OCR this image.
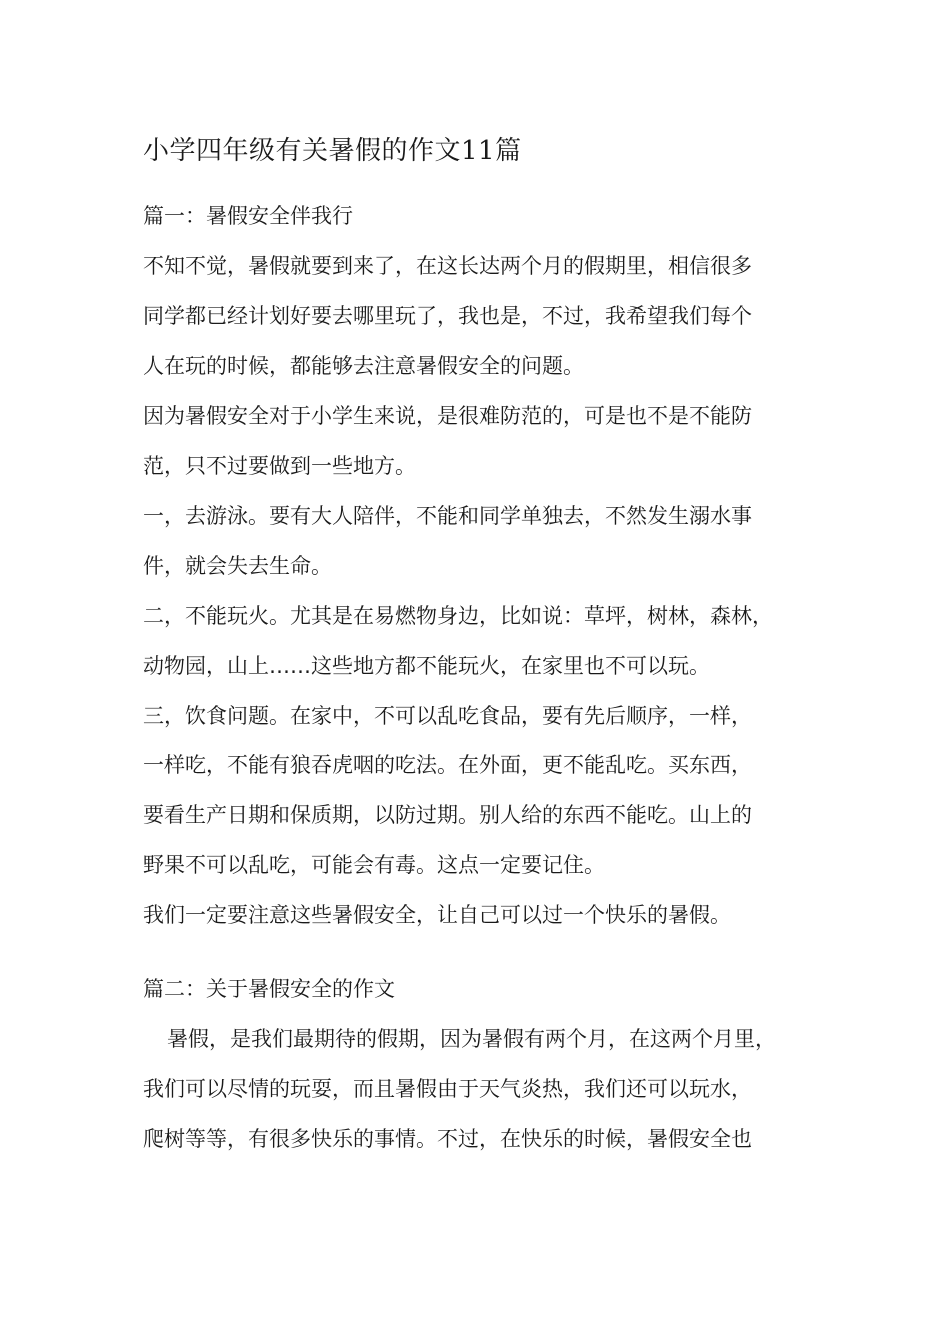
小学四年级有关暑假的作文11篇

篇一：暑假安全伴我行

不知不觉，暑假就要到来了，在这长达两个月的假期里，相信很多

同学都已经计划好要去哪里玩了，我也是，不过，我希望我们每个

人在玩的时候，都能够去注意暑假安全的问题。

因为暑假安全对于小学生来说，是很难防范的，可是也不是不能防

范，只不过要做到一些地方。

一，去游泳。要有大人陪伴，不能和同学单独去，不然发生溺水事

件，就会失去生命。

二，不能玩火。尤其是在易燃物身边，比如说：草坪，树林，森林，

动物园，山上……这些地方都不能玩火，在家里也不可以玩。

三，饮食问题。在家中，不可以乱吃食品，要有先后顺序，一样，

一样吃，不能有狼吞虎咽的吃法。在外面，更不能乱吃。买东西，

要看生产日期和保质期，以防过期。别人给的东西不能吃。山上的

野果不可以乱吃，可能会有毒。这点一定要记住。

我们一定要注意这些暑假安全，让自己可以过一个快乐的暑假。

篇二：关于暑假安全的作文

暑假，是我们最期待的假期，因为暑假有两个月，在这两个月里，

我们可以尽情的玩耍，而且暑假由于天气炎热，我们还可以玩水，

爬树等等，有很多快乐的事情。不过，在快乐的时候，暑假安全也
